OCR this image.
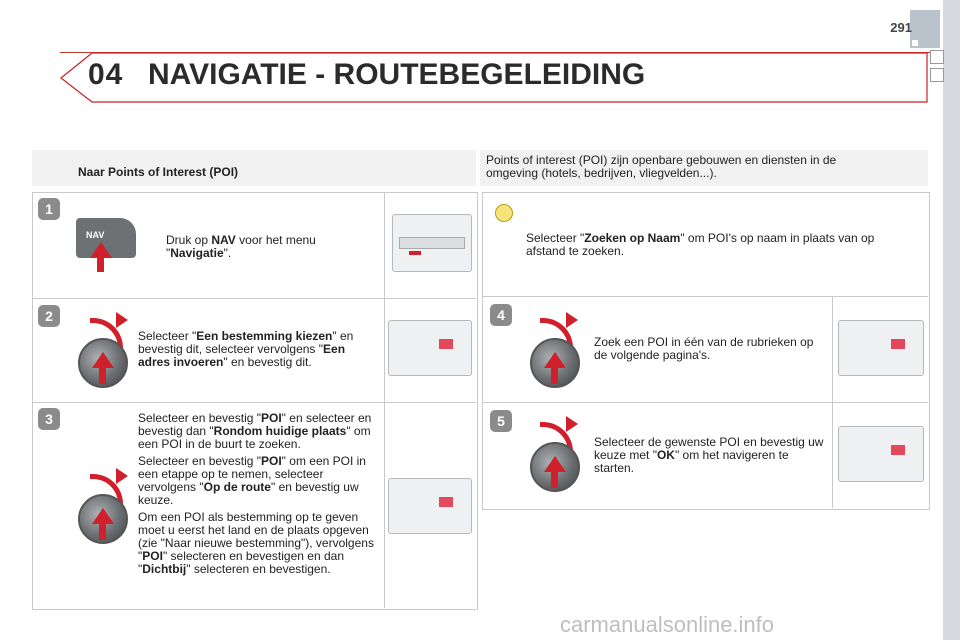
291
04 NAVIGATIE - ROUTEBEGELEIDING
Naar Points of Interest (POI)
Points of interest (POI) zijn openbare gebouwen en diensten in de omgeving (hotels, bedrijven, vliegvelden...).
1
NAV	Druk op NAV voor het menu "Navigatie".
2
Selecteer "Een bestemming kiezen" en bevestig dit, selecteer vervolgens "Een adres invoeren" en bevestig dit.
3	Selecteer en bevestig "POI" en selecteer en bevestig dan "Rondom huidige plaats" om een POI in de buurt te zoeken.
Selecteer en bevestig "POI" om een POI in een etappe op te nemen, selecteer vervolgens "Op de route" en bevestig uw keuze.
Om een POI als bestemming op te geven moet u eerst het land en de plaats opgeven (zie "Naar nieuwe bestemming"), vervolgens "POI" selecteren en bevestigen en dan "Dichtbij" selecteren en bevestigen.
Selecteer "Zoeken op Naam" om POI's op naam in plaats van op afstand te zoeken.
4
Zoek een POI in één van de rubrieken op de volgende pagina's.
5
Selecteer de gewenste POI en bevestig uw keuze met "OK" om het navigeren te starten.
carmanualsonline.info
